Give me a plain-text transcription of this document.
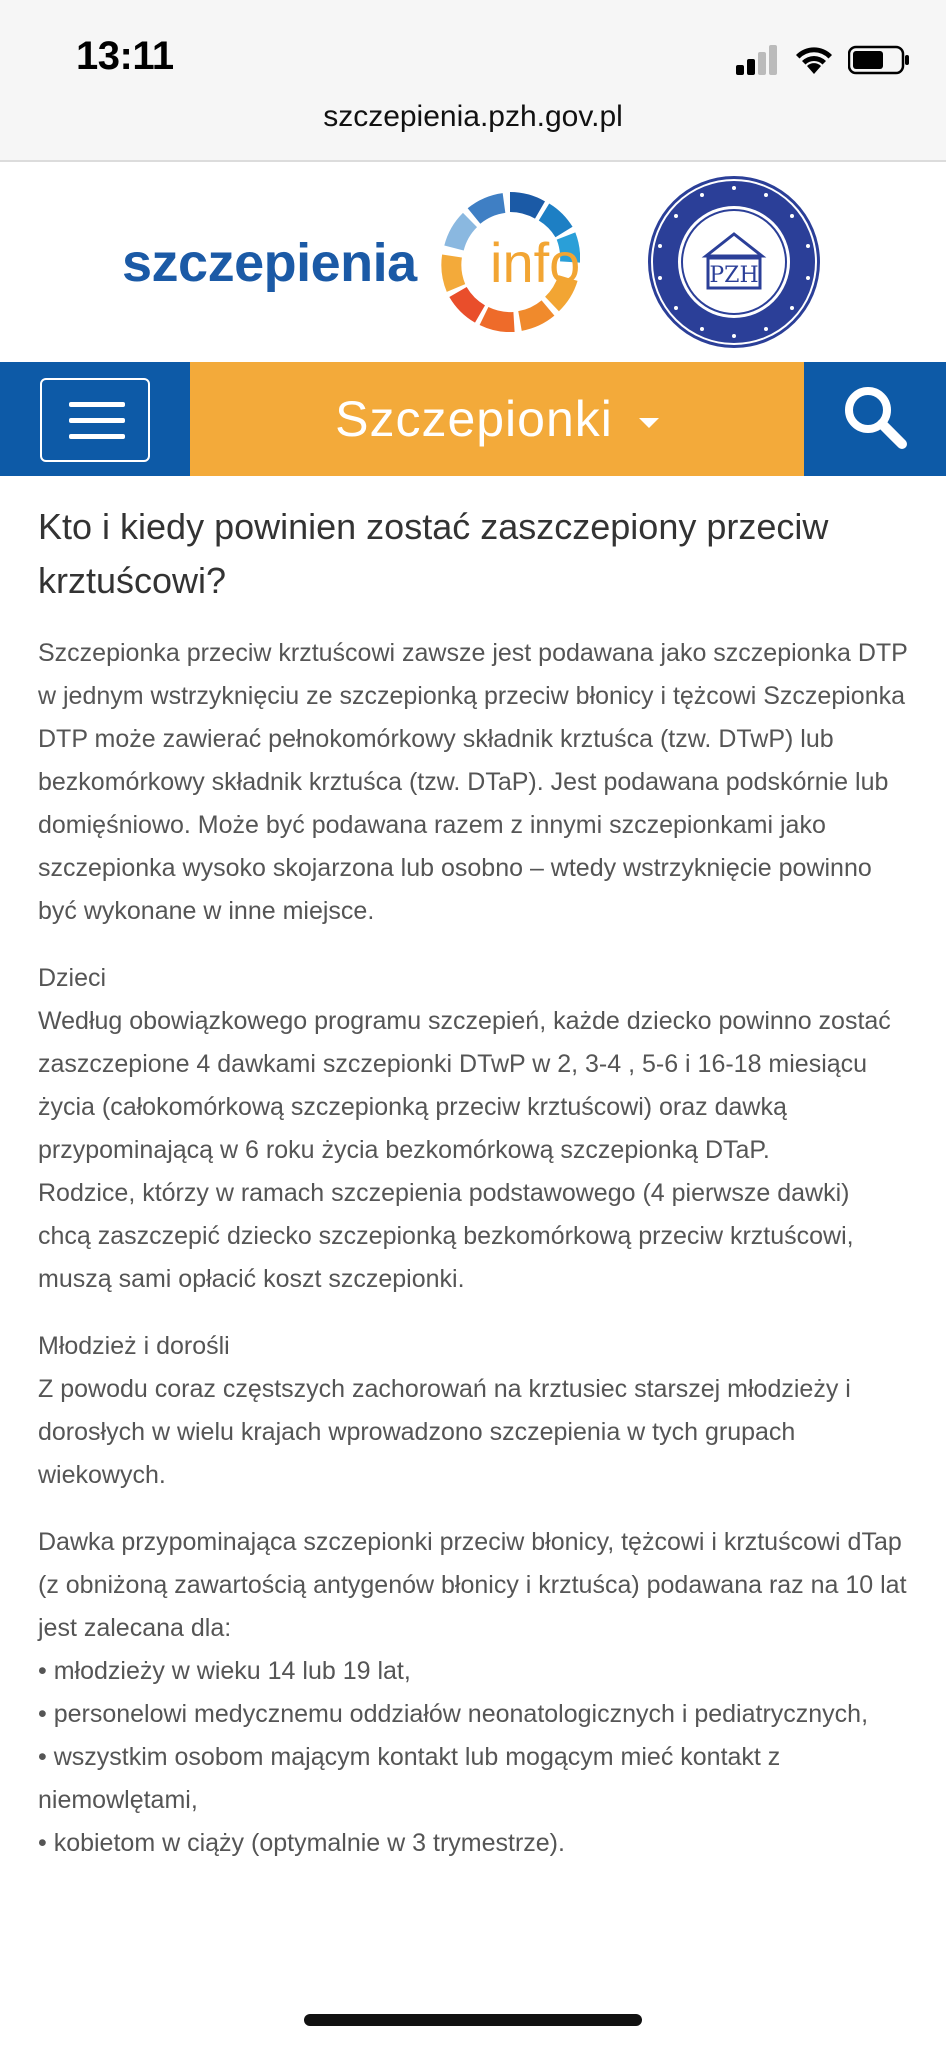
13:11
szczepienia.pzh.gov.pl
szczepienia info	PZH
Szczepionki
Kto i kiedy powinien zostać zaszczepiony przeciw krztuścowi?

Szczepionka przeciw krztuścowi zawsze jest podawana jako szczepionka DTP w jednym wstrzyknięciu ze szczepionką przeciw błonicy i tężcowi Szczepionka DTP może zawierać pełnokomórkowy składnik krztuśca (tzw. DTwP) lub bezkomórkowy składnik krztuśca (tzw. DTaP). Jest podawana podskórnie lub domięśniowo. Może być podawana razem z innymi szczepionkami jako szczepionka wysoko skojarzona lub osobno – wtedy wstrzyknięcie powinno być wykonane w inne miejsce.

Dzieci

Według obowiązkowego programu szczepień, każde dziecko powinno zostać zaszczepione 4 dawkami szczepionki DTwP w 2, 3-4 , 5-6 i 16-18 miesiącu życia (całokomórkową szczepionką przeciw krztuścowi) oraz dawką przypominającą w 6 roku życia bezkomórkową szczepionką DTaP.

Rodzice, którzy w ramach szczepienia podstawowego (4 pierwsze dawki) chcą zaszczepić dziecko szczepionką bezkomórkową przeciw krztuścowi, muszą sami opłacić koszt szczepionki.

Młodzież i dorośli

Z powodu coraz częstszych zachorowań na krztusiec starszej młodzieży i dorosłych w wielu krajach wprowadzono szczepienia w tych grupach wiekowych.

Dawka przypominająca szczepionki przeciw błonicy, tężcowi i krztuścowi dTap (z obniżoną zawartością antygenów błonicy i krztuśca) podawana raz na 10 lat jest zalecana dla:

• młodzieży w wieku 14 lub 19 lat,

• personelowi medycznemu oddziałów neonatologicznych i pediatrycznych,

• wszystkim osobom mającym kontakt lub mogącym mieć kontakt z niemowlętami,

• kobietom w ciąży (optymalnie w 3 trymestrze).
